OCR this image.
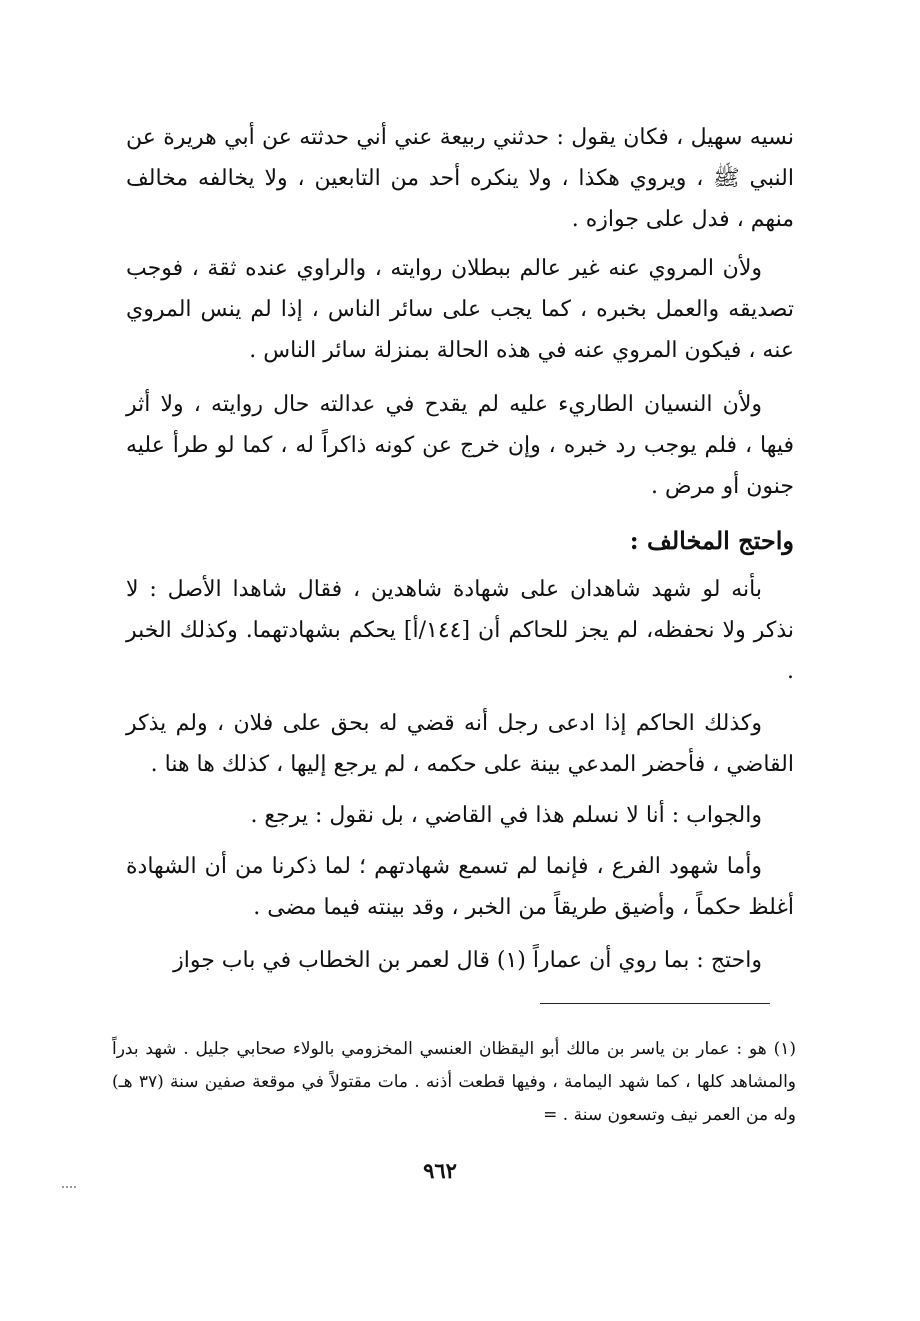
نسيه سهيل ، فكان يقول : حدثني ربيعة عني أني حدثته عن أبي هريرة عن النبي ﷺ ، ويروي هكذا ، ولا ينكره أحد من التابعين ، ولا يخالفه مخالف منهم ، فدل على جوازه .

ولأن المروي عنه غير عالم ببطلان روايته ، والراوي عنده ثقة ، فوجب تصديقه والعمل بخبره ، كما يجب على سائر الناس ، إذا لم ينس المروي عنه ، فيكون المروي عنه في هذه الحالة بمنزلة سائر الناس .

ولأن النسيان الطاريء عليه لم يقدح في عدالته حال روايته ، ولا أثر فيها ، فلم يوجب رد خبره ، وإن خرج عن كونه ذاكراً له ، كما لو طرأ عليه جنون أو مرض .

واحتج المخالف :

بأنه لو شهد شاهدان على شهادة شاهدين ، فقال شاهدا الأصل : لا نذكر ولا نحفظه، لم يجز للحاكم أن [١٤٤/أ] يحكم بشهادتهما. وكذلك الخبر .

وكذلك الحاكم إذا ادعى رجل أنه قضي له بحق على فلان ، ولم يذكر القاضي ، فأحضر المدعي بينة على حكمه ، لم يرجع إليها ، كذلك ها هنا .

والجواب : أنا لا نسلم هذا في القاضي ، بل نقول : يرجع .

وأما شهود الفرع ، فإنما لم تسمع شهادتهم ؛ لما ذكرنا من أن الشهادة أغلظ حكماً ، وأضيق طريقاً من الخبر ، وقد بينته فيما مضى .

واحتج : بما روي أن عماراً (١) قال لعمر بن الخطاب في باب جواز

(١) هو : عمار بن ياسر بن مالك أبو اليقظان العنسي المخزومي بالولاء صحابي جليل . شهد بدراً والمشاهد كلها ، كما شهد اليمامة ، وفيها قطعت أذنه . مات مقتولاً في موقعة صفين سنة (٣٧ هـ) وله من العمر نيف وتسعون سنة . =

٩٦٢
